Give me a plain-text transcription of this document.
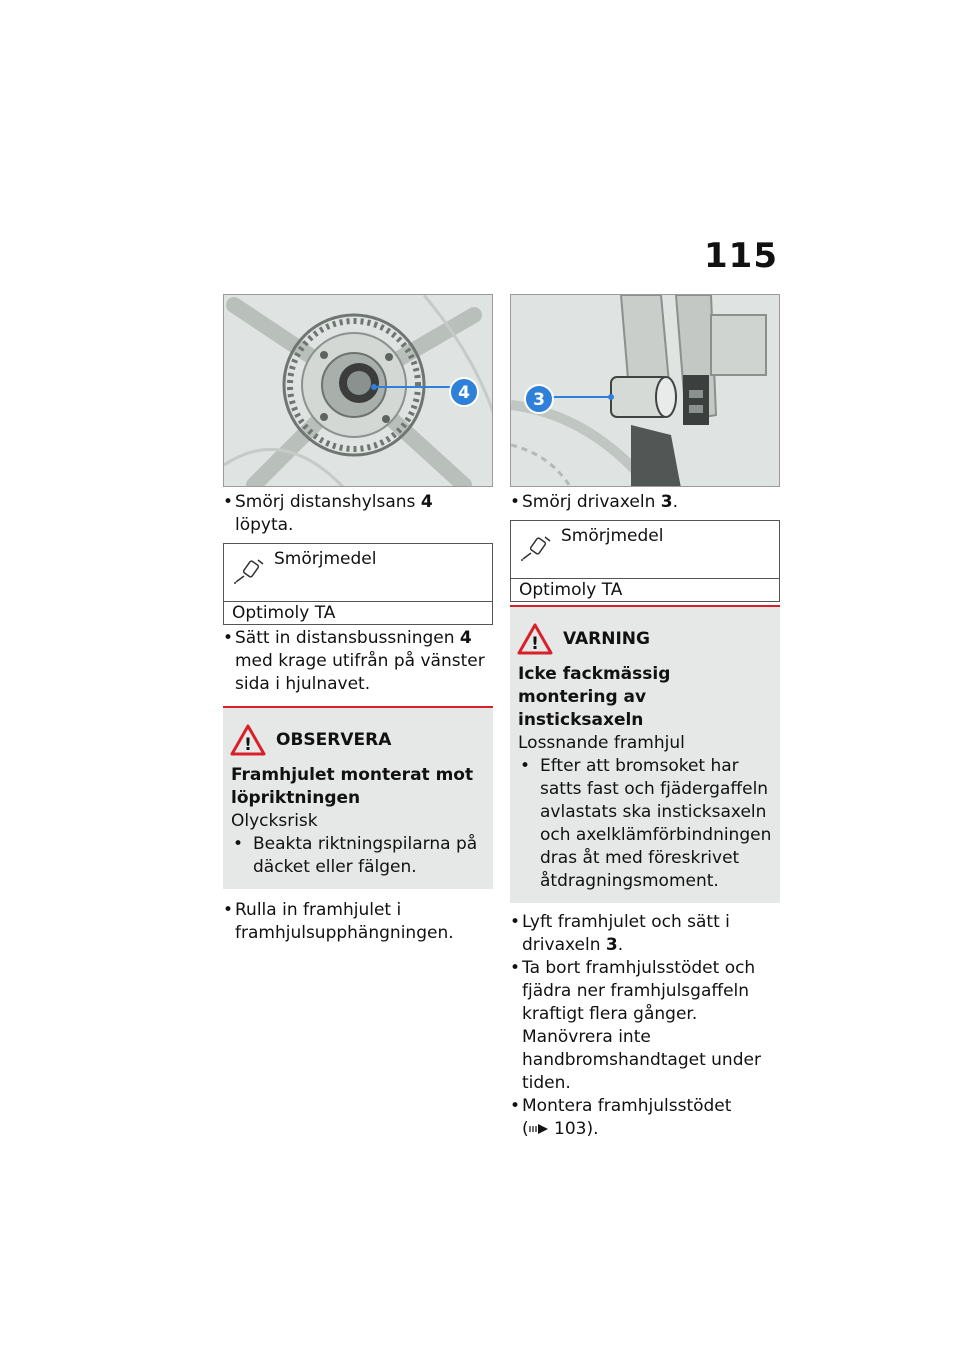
115
4
• Smörj distanshylsans 4 löpyta.
Smörjmedel
Optimoly TA
• Sätt in distansbussningen 4
med krage utifrån på vänster sida i hjulnavet.
! OBSERVERA
Framhjulet monterat mot löpriktningen
Olycksrisk
• Beakta riktningspilarna på däcket eller fälgen.
• Rulla in framhjulet i framhjulsupphängningen.
3
• Smörj drivaxeln 3.
Smörjmedel
Optimoly TA
! VARNING
Icke fackmässig montering av insticksaxeln
Lossnande framhjul
• Efter att bromsoket har satts fast och fjädergaffeln avlastats ska insticksaxeln och axelklämförbindningen dras åt med föreskrivet åtdragningsmoment.
• Lyft framhjulet och sätt i drivaxeln 3.
• Ta bort framhjulsstödet och fjädra ner framhjulsgaffeln kraftigt flera gånger. Manövrera inte handbromshandtaget under tiden.
• Montera framhjulsstödet
( 103).
